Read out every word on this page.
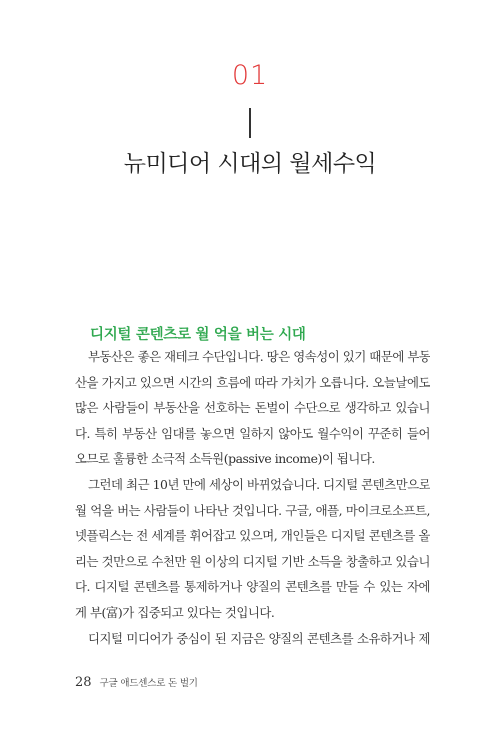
01
뉴미디어 시대의 월세수익
디지털 콘텐츠로 월 억을 버는 시대
부동산은 좋은 재테크 수단입니다. 땅은 영속성이 있기 때문에 부동
산을 가지고 있으면 시간의 흐름에 따라 가치가 오릅니다. 오늘날에도
많은 사람들이 부동산을 선호하는 돈벌이 수단으로 생각하고 있습니
다. 특히 부동산 임대를 놓으면 일하지 않아도 월수익이 꾸준히 들어
오므로 훌륭한 소극적 소득원(passive income)이 됩니다.
그런데 최근 10년 만에 세상이 바뀌었습니다. 디지털 콘텐츠만으로
월 억을 버는 사람들이 나타난 것입니다. 구글, 애플, 마이크로소프트,
넷플릭스는 전 세계를 휘어잡고 있으며, 개인들은 디지털 콘텐츠를 올
리는 것만으로 수천만 원 이상의 디지털 기반 소득을 창출하고 있습니
다. 디지털 콘텐츠를 통제하거나 양질의 콘텐츠를 만들 수 있는 자에
게 부(富)가 집중되고 있다는 것입니다.
디지털 미디어가 중심이 된 지금은 양질의 콘텐츠를 소유하거나 제
28 구글 애드센스로 돈 벌기
